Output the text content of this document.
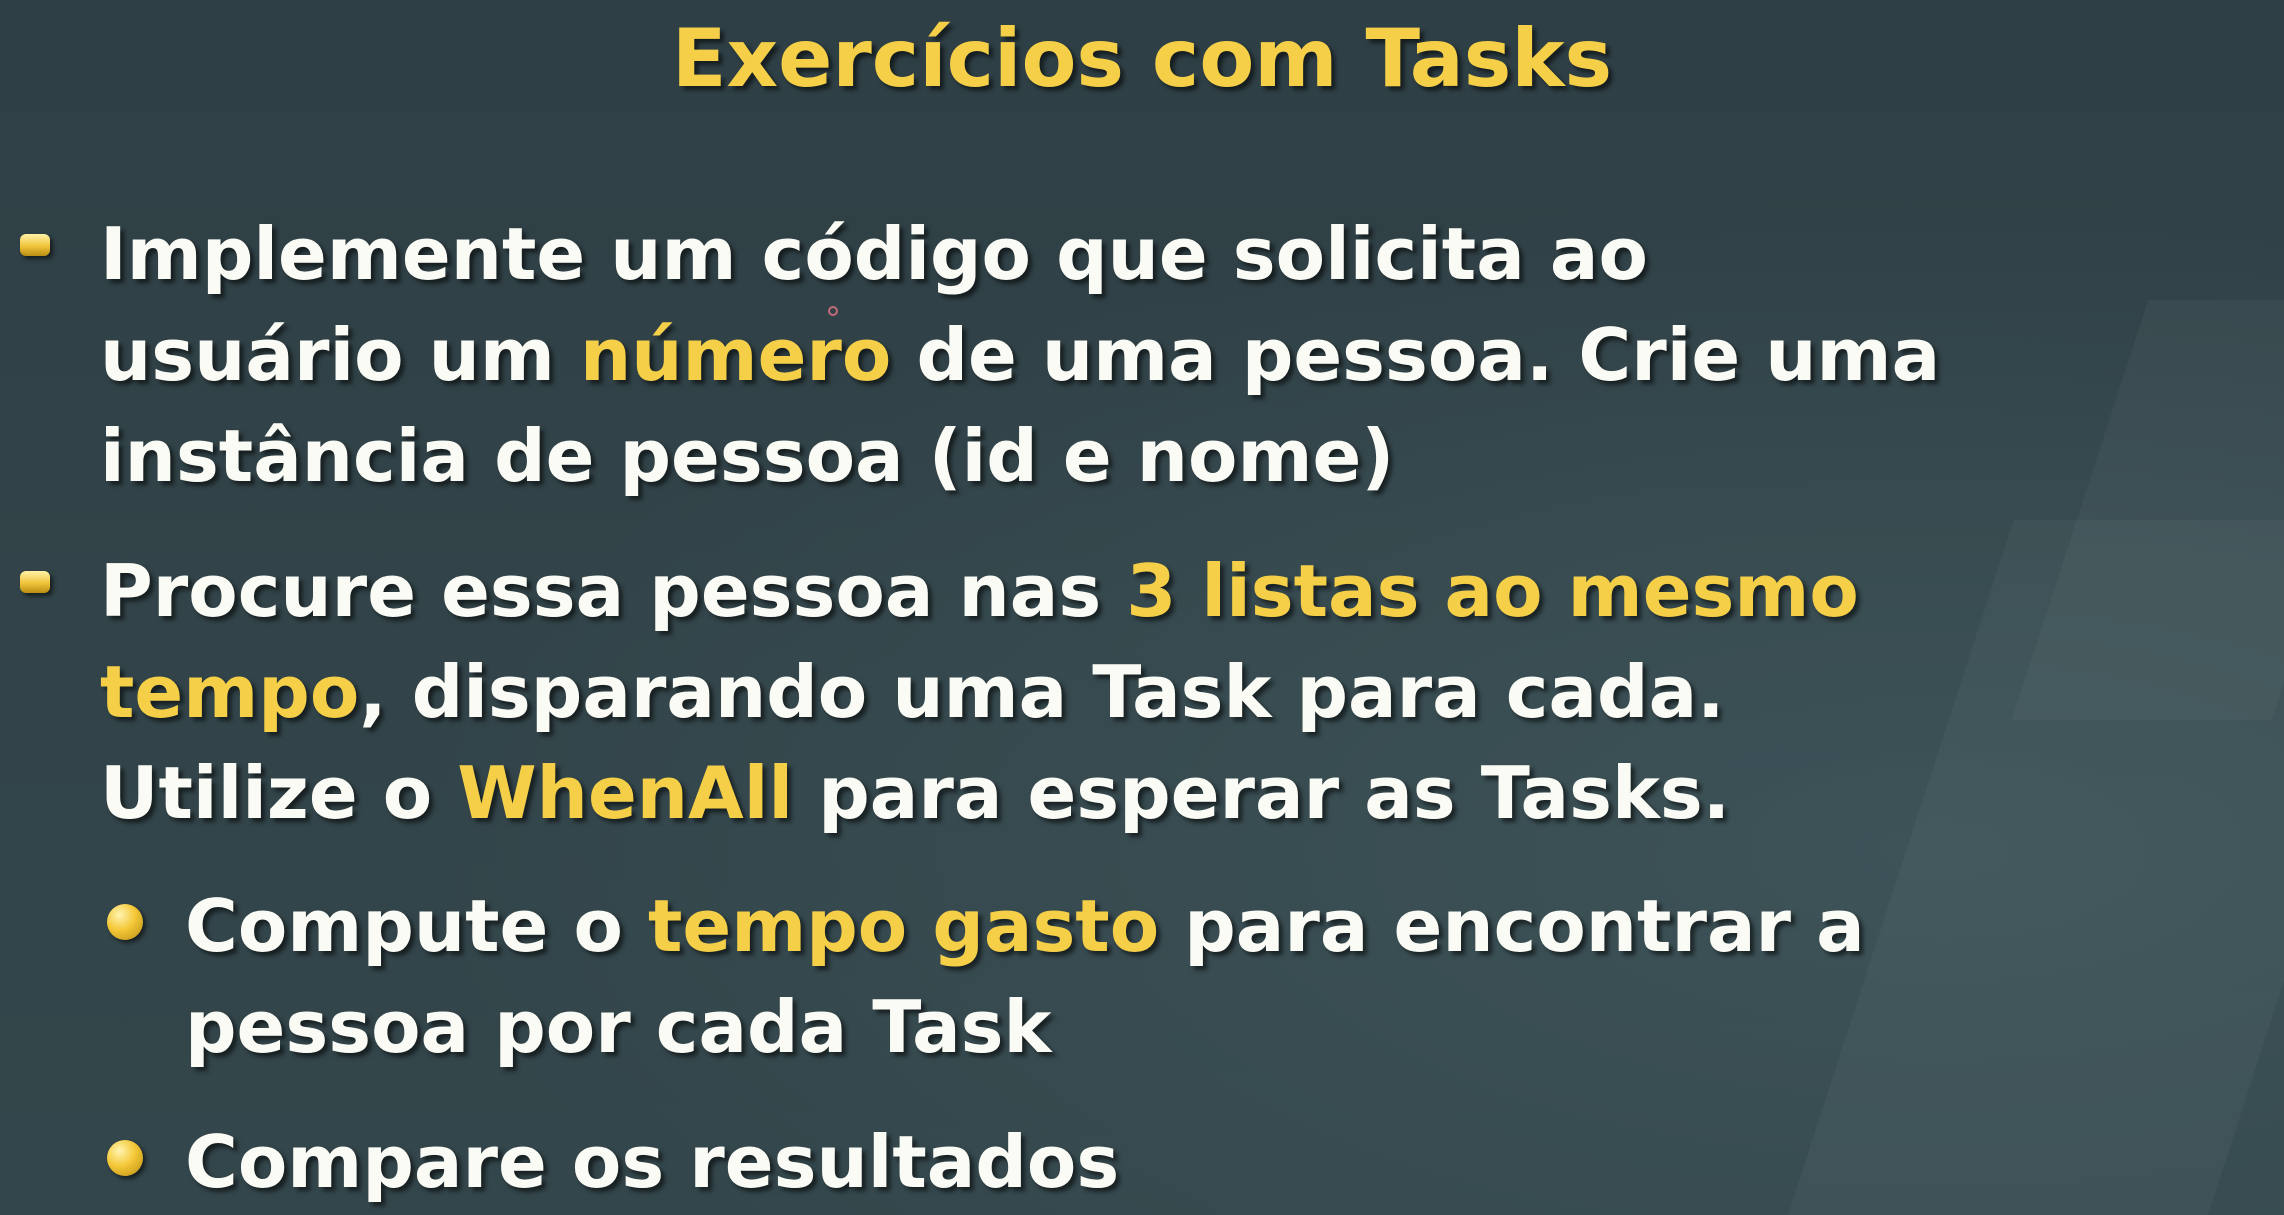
Exercícios com Tasks
Implemente um código que solicita ao
usuário um número de uma pessoa. Crie uma
instância de pessoa (id e nome)
Procure essa pessoa nas 3 listas ao mesmo
tempo, disparando uma Task para cada.
Utilize o WhenAll para esperar as Tasks.
Compute o tempo gasto para encontrar a
pessoa por cada Task
Compare os resultados
